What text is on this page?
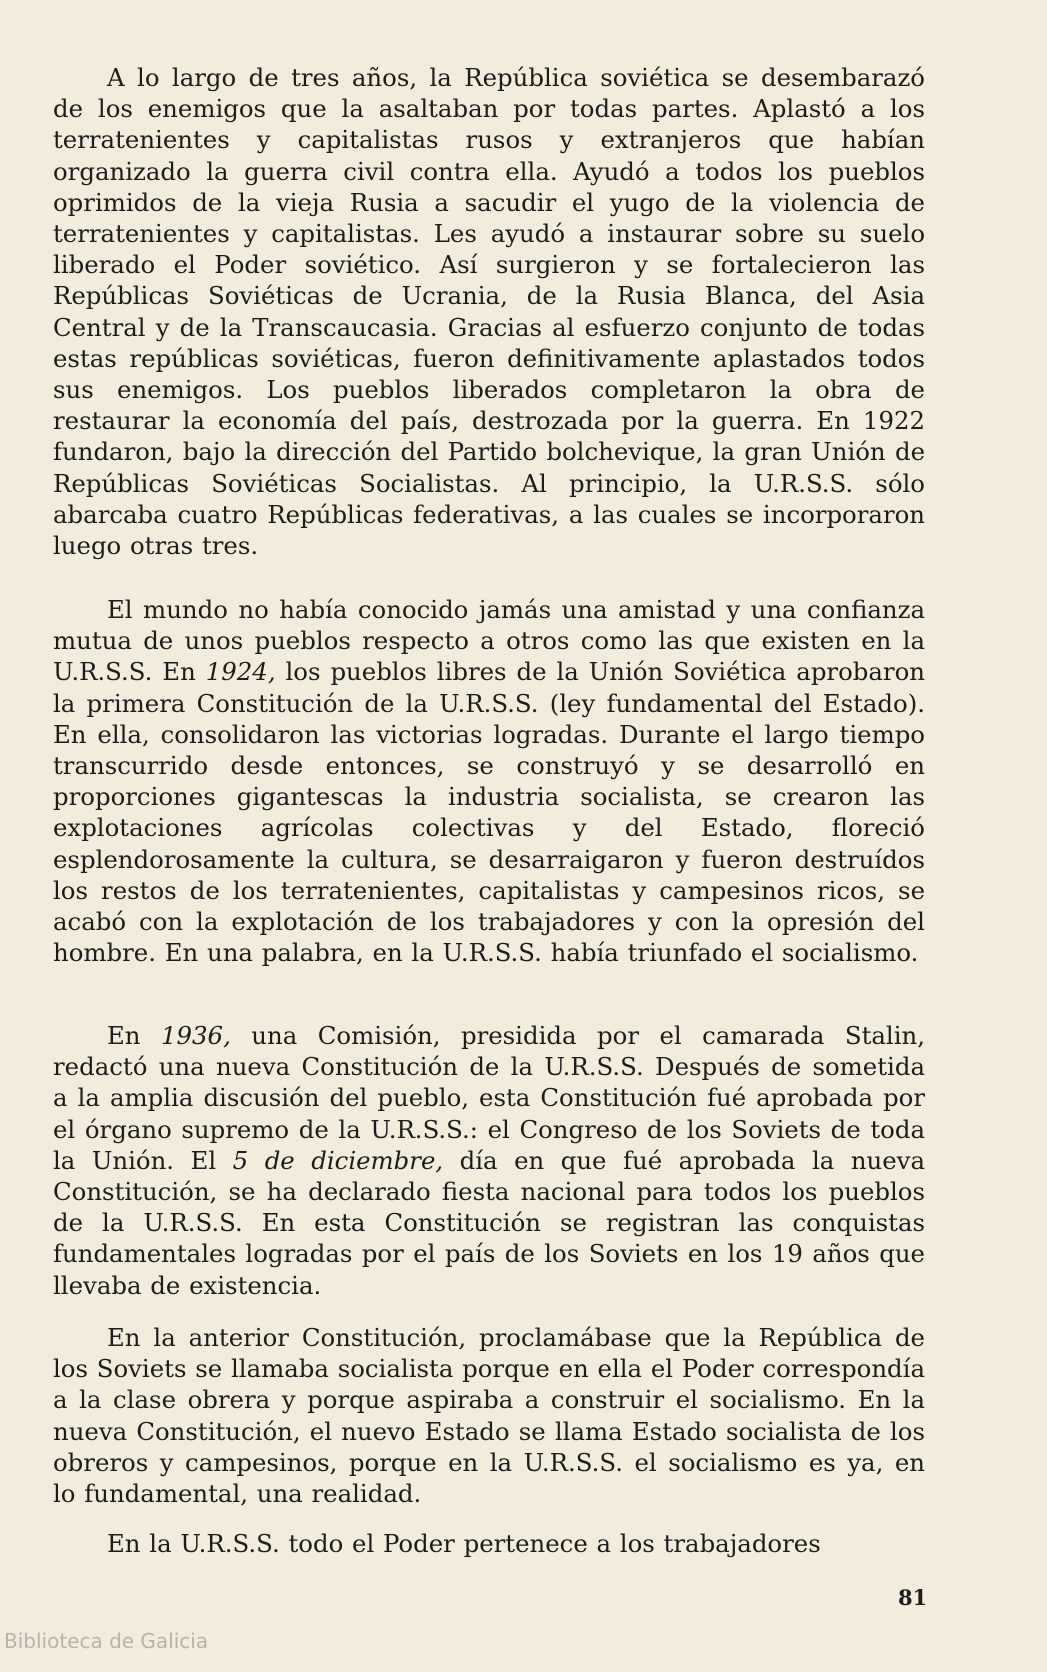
A lo largo de tres años, la República soviética se desembarazó de los enemigos que la asaltaban por todas partes. Aplastó a los terratenientes y capitalistas rusos y extranjeros que habían organizado la guerra civil contra ella. Ayudó a todos los pueblos oprimidos de la vieja Rusia a sacudir el yugo de la violencia de terratenientes y capitalistas. Les ayudó a instaurar sobre su suelo liberado el Poder soviético. Así surgieron y se fortalecieron las Repúblicas Soviéticas de Ucrania, de la Rusia Blanca, del Asia Central y de la Transcaucasia. Gracias al esfuerzo conjunto de todas estas repúblicas soviéticas, fueron definitivamente aplastados todos sus enemigos. Los pueblos liberados completaron la obra de restaurar la economía del país, destrozada por la guerra. En 1922 fundaron, bajo la dirección del Partido bolchevique, la gran Unión de Repúblicas Soviéticas Socialistas. Al principio, la U.R.S.S. sólo abarcaba cuatro Repúblicas federativas, a las cuales se incorporaron luego otras tres.

El mundo no había conocido jamás una amistad y una confianza mutua de unos pueblos respecto a otros como las que existen en la U.R.S.S. En 1924, los pueblos libres de la Unión Soviética aprobaron la primera Constitución de la U.R.S.S. (ley fundamental del Estado). En ella, consolidaron las victorias logradas. Durante el largo tiempo transcurrido desde entonces, se construyó y se desarrolló en proporciones gigantescas la industria socialista, se crearon las explotaciones agrícolas colectivas y del Estado, floreció esplendorosamente la cultura, se desarraigaron y fueron destruídos los restos de los terratenientes, capitalistas y campesinos ricos, se acabó con la explotación de los trabajadores y con la opresión del hombre. En una palabra, en la U.R.S.S. había triunfado el socialismo.

En 1936, una Comisión, presidida por el camarada Stalin, redactó una nueva Constitución de la U.R.S.S. Después de sometida a la amplia discusión del pueblo, esta Constitución fué aprobada por el órgano supremo de la U.R.S.S.: el Congreso de los Soviets de toda la Unión. El 5 de diciembre, día en que fué aprobada la nueva Constitución, se ha declarado fiesta nacional para todos los pueblos de la U.R.S.S. En esta Constitución se registran las conquistas fundamentales logradas por el país de los Soviets en los 19 años que llevaba de existencia.

En la anterior Constitución, proclamábase que la República de los Soviets se llamaba socialista porque en ella el Poder correspondía a la clase obrera y porque aspiraba a construir el socialismo. En la nueva Constitución, el nuevo Estado se llama Estado socialista de los obreros y campesinos, porque en la U.R.S.S. el socialismo es ya, en lo fundamental, una realidad.

En la U.R.S.S. todo el Poder pertenece a los trabajadores

81
Biblioteca de Galicia
